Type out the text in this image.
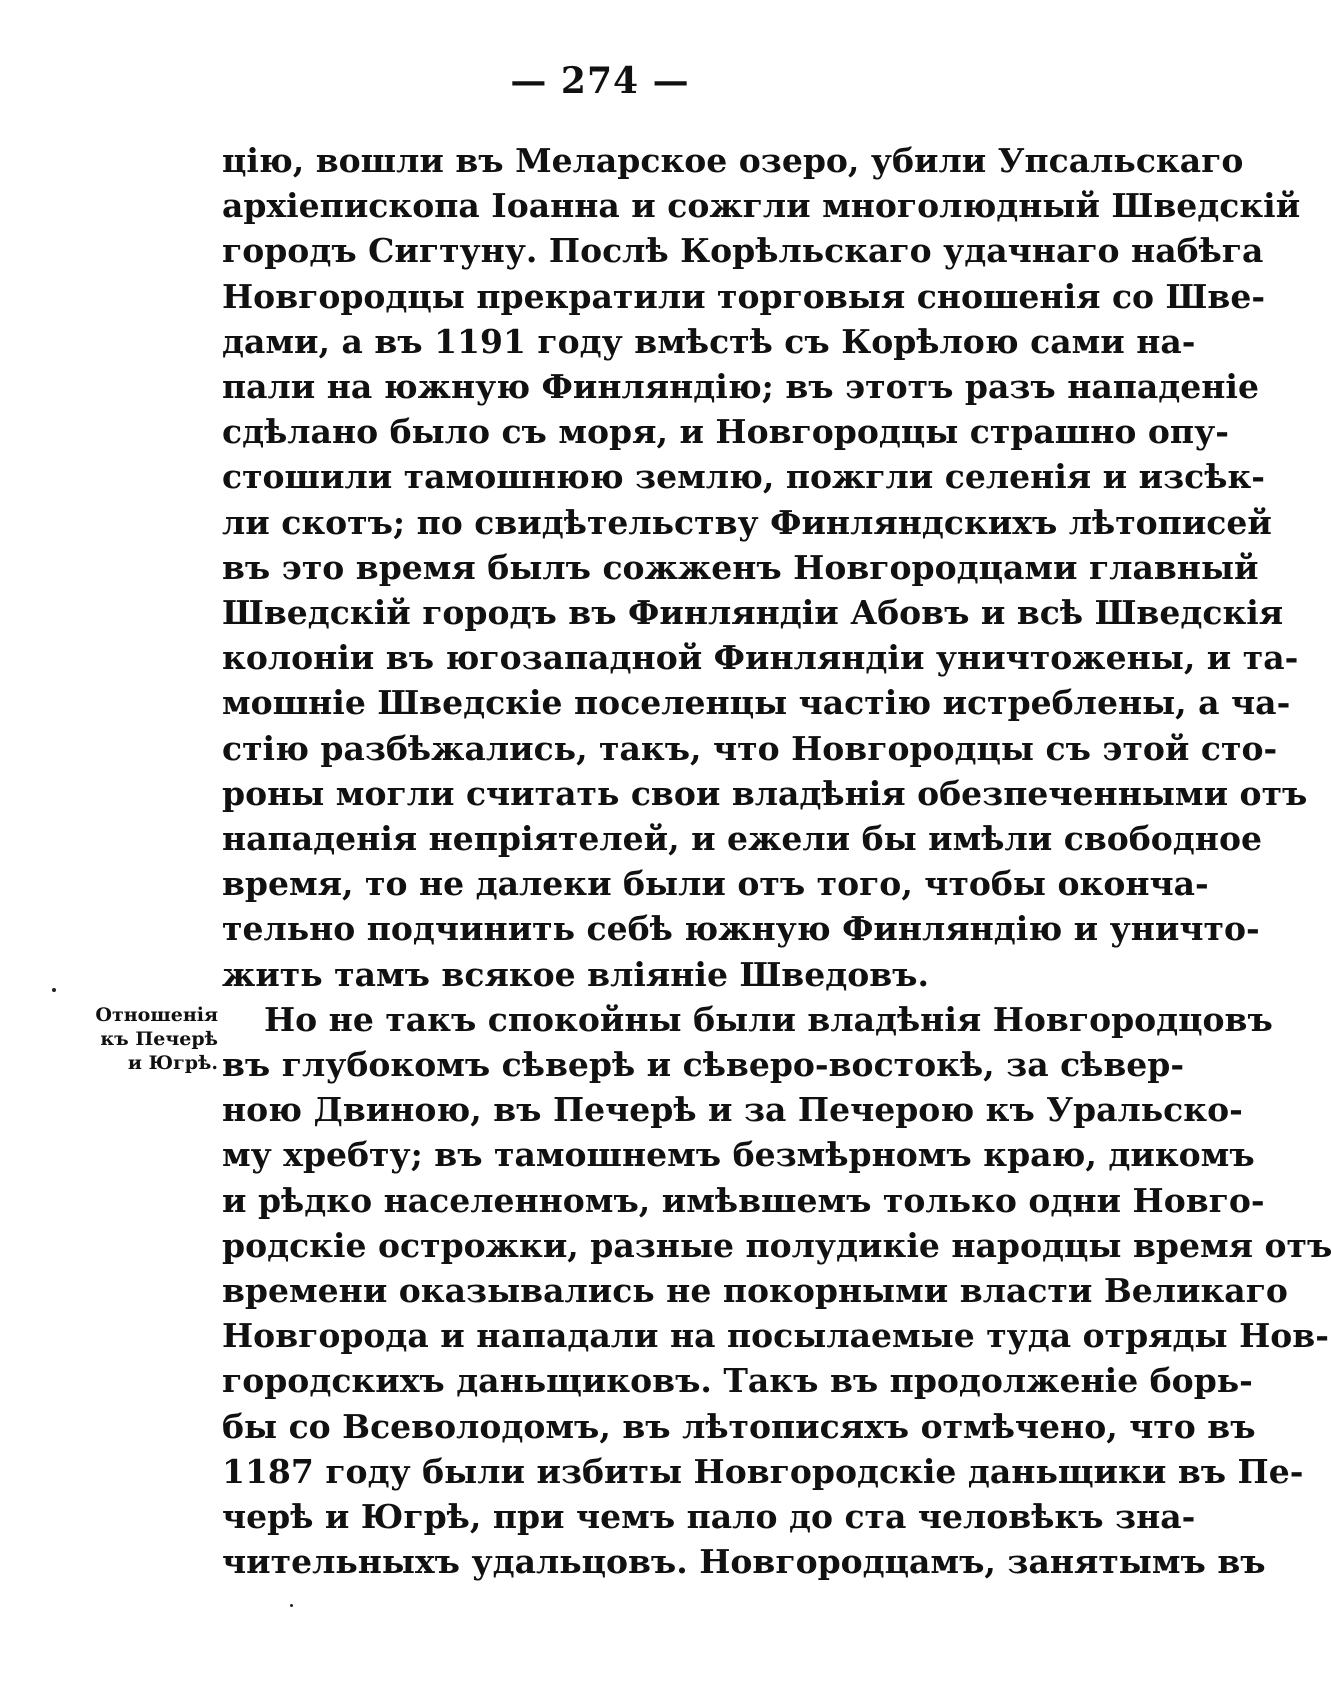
— 274 —
Отношенія
къ Печерѣ
и Югрѣ.
цію, вошли въ Меларское озеро, убили Упсальскаго
архіепископа Іоанна и сожгли многолюдный Шведскій
городъ Сигтуну. Послѣ Корѣльскаго удачнаго набѣга
Новгородцы прекратили торговыя сношенія со Шве-
дами, а въ 1191 году вмѣстѣ съ Корѣлою сами на-
пали на южную Финляндію; въ этотъ разъ нападеніе
сдѣлано было съ моря, и Новгородцы страшно опу-
стошили тамошнюю землю, пожгли селенія и изсѣк-
ли скотъ; по свидѣтельству Финляндскихъ лѣтописей
въ это время былъ сожженъ Новгородцами главный
Шведскій городъ въ Финляндіи Абовъ и всѣ Шведскія
колоніи въ югозападной Финляндіи уничтожены, и та-
мошніе Шведскіе поселенцы частію истреблены, а ча-
стію разбѣжались, такъ, что Новгородцы съ этой сто-
роны могли считать свои владѣнія обезпеченными отъ
нападенія непріятелей, и ежели бы имѣли свободное
время, то не далеки были отъ того, чтобы оконча-
тельно подчинить себѣ южную Финляндію и уничто-
жить тамъ всякое вліяніе Шведовъ.
Но не такъ спокойны были владѣнія Новгородцовъ
въ глубокомъ сѣверѣ и сѣверо-востокѣ, за сѣвер-
ною Двиною, въ Печерѣ и за Печерою къ Уральско-
му хребту; въ тамошнемъ безмѣрномъ краю, дикомъ
и рѣдко населенномъ, имѣвшемъ только одни Новго-
родскіе острожки, разные полудикіе народцы время отъ
времени оказывались не покорными власти Великаго
Новгорода и нападали на посылаемые туда отряды Нов-
городскихъ даньщиковъ. Такъ въ продолженіе борь-
бы со Всеволодомъ, въ лѣтописяхъ отмѣчено, что въ
1187 году были избиты Новгородскіе даньщики въ Пе-
черѣ и Югрѣ, при чемъ пало до ста человѣкъ зна-
чительныхъ удальцовъ. Новгородцамъ, занятымъ въ
